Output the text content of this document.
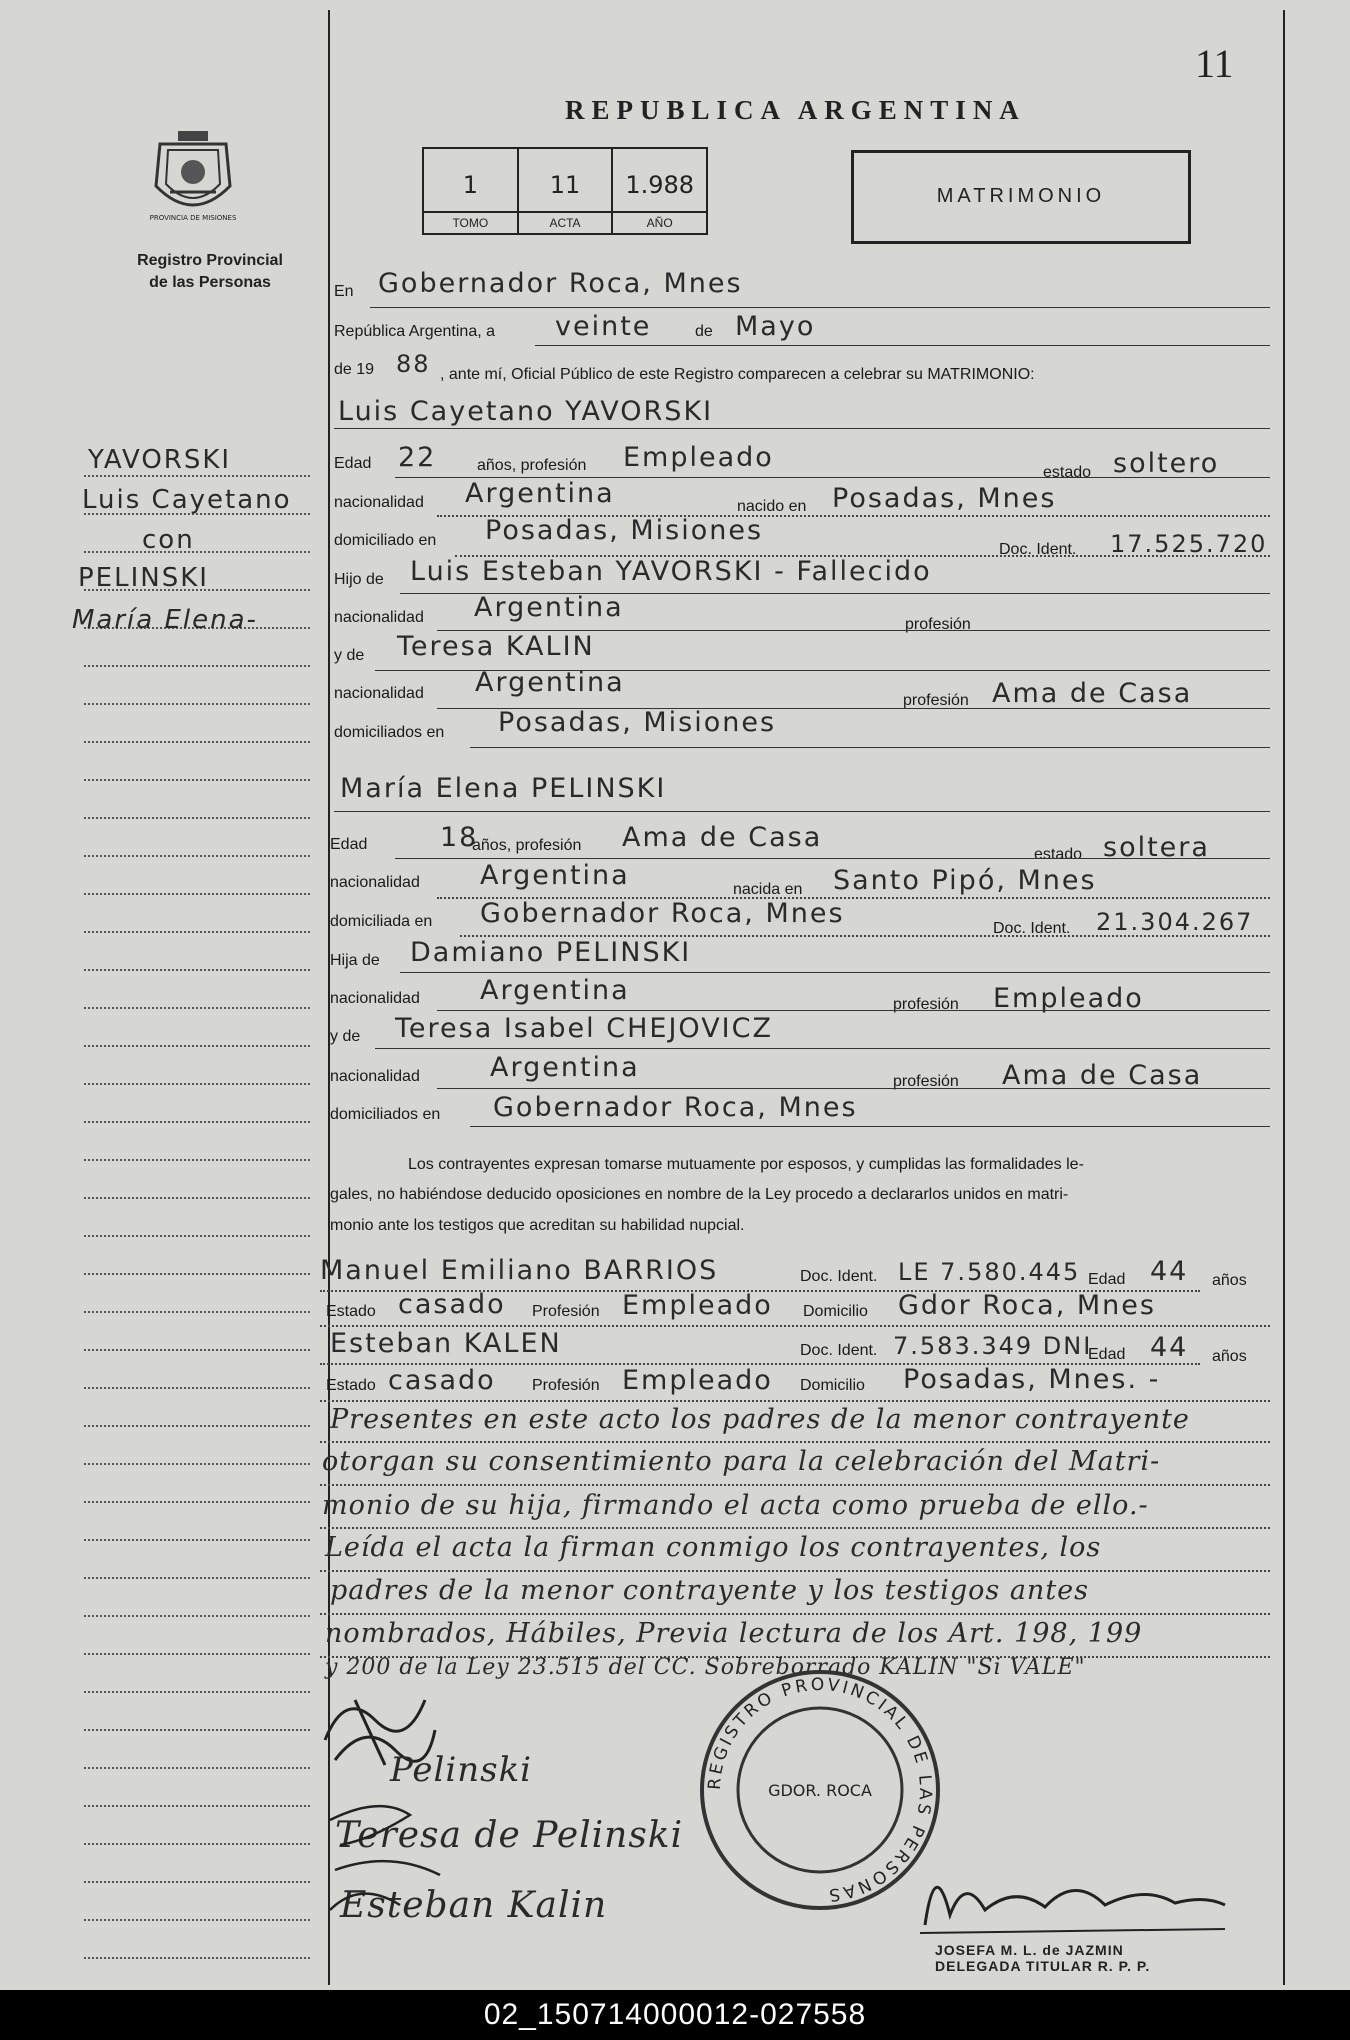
11
REPUBLICA ARGENTINA
PROVINCIA DE MISIONES
Registro Provincial
de las Personas
1
TOMO
11
ACTA
1.988
AÑO
MATRIMONIO
YAVORSKI
Luis Cayetano
con
PELINSKI
María Elena-
En Gobernador Roca, Mnes
República Argentina, a veinte	de Mayo
de 19 88 , ante mí, Oficial Público de este Registro comparecen a celebrar su MATRIMONIO:
Luis Cayetano YAVORSKI
Edad 22	años, profesión Empleado	estado soltero
nacionalidad Argentina	nacido en Posadas, Mnes
domiciliado en Posadas, Misiones
Doc. Ident. 17.525.720
Hijo de Luis Esteban YAVORSKI - Fallecido
nacionalidad Argentina
profesión
y de Teresa KALIN
nacionalidad Argentina
profesión Ama de Casa
domiciliados en Posadas, Misiones
María Elena PELINSKI
Edad	18
años, profesión Ama de Casa
estado soltera
nacionalidad Argentina	nacida en Santo Pipó, Mnes
domiciliada en Gobernador Roca, Mnes	Doc. Ident. 21.304.267
Hija de Damiano PELINSKI
nacionalidad Argentina	profesión Empleado
y de Teresa Isabel CHEJOVICZ
nacionalidad	Argentina	profesión Ama de Casa
domiciliados en Gobernador Roca, Mnes
Los contrayentes expresan tomarse mutuamente por esposos, y cumplidas las formalidades le-
gales, no habiéndose deducido oposiciones en nombre de la Ley procedo a declararlos unidos en matri-
monio ante los testigos que acreditan su habilidad nupcial.
Manuel Emiliano BARRIOS	Doc. Ident. LE 7.580.445 Edad 44 años
Estado casado Profesión Empleado Domicilio Gdor Roca, Mnes
Esteban KALEN	Doc. Ident. 7.583.349 DNI
Edad 44 años
Estado casado Profesión Empleado Domicilio Posadas, Mnes. -
Presentes en este acto los padres de la menor contrayente
otorgan su consentimiento para la celebración del Matri-
monio de su hija, firmando el acta como prueba de ello.-
Leída el acta la firman conmigo los contrayentes, los
padres de la menor contrayente y los testigos antes
nombrados, Hábiles, Previa lectura de los Art. 198, 199
y 200 de la Ley 23.515 del CC. Sobreborrado KALIN "Si VALE"
Pelinski
Teresa de Pelinski
Esteban Kalin
REGISTRO PROVINCIAL DE LAS PERSONAS
GDOR. ROCA
JOSEFA M. L. de JAZMIN
DELEGADA TITULAR R. P. P.
02_150714000012-027558
